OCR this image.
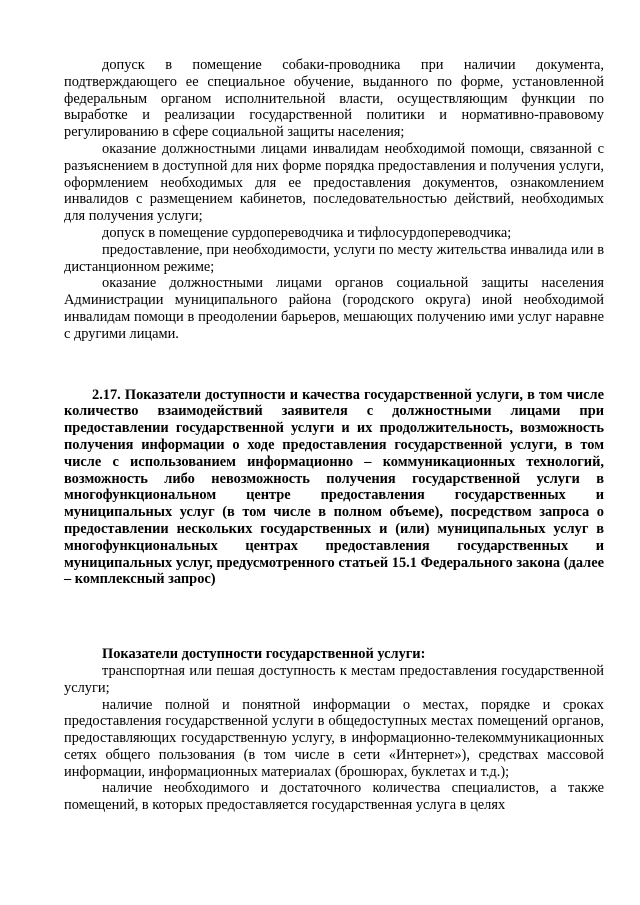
допуск в помещение собаки-проводника при наличии документа, подтверждающего ее специальное обучение, выданного по форме, установленной федеральным органом исполнительной власти, осуществляющим функции по выработке и реализации государственной политики и нормативно-правовому регулированию в сфере социальной защиты населения;

оказание должностными лицами инвалидам необходимой помощи, связанной с разъяснением в доступной для них форме порядка предоставления и получения услуги, оформлением необходимых для ее предоставления документов, ознакомлением инвалидов с размещением кабинетов, последовательностью действий, необходимых для получения услуги;

допуск в помещение сурдопереводчика и тифлосурдопереводчика;

предоставление, при необходимости, услуги по месту жительства инвалида или в дистанционном режиме;

оказание должностными лицами органов социальной защиты населения Администрации муниципального района (городского округа) иной необходимой инвалидам помощи в преодолении барьеров, мешающих получению ими услуг наравне с другими лицами.

2.17. Показатели доступности и качества государственной услуги, в том числе количество взаимодействий заявителя с должностными лицами при предоставлении государственной услуги и их продолжительность, возможность получения информации о ходе предоставления государственной услуги, в том числе с использованием информационно – коммуникационных технологий, возможность либо невозможность получения государственной услуги в многофункциональном центре предоставления государственных и муниципальных услуг (в том числе в полном объеме), посредством запроса о предоставлении нескольких государственных и (или) муниципальных услуг в многофункциональных центрах предоставления государственных и муниципальных услуг, предусмотренного статьей 15.1 Федерального закона (далее – комплексный запрос)

Показатели доступности государственной услуги:

транспортная или пешая доступность к местам предоставления государственной услуги;

наличие полной и понятной информации о местах, порядке и сроках предоставления государственной услуги в общедоступных местах помещений органов, предоставляющих государственную услугу, в информационно-телекоммуникационных сетях общего пользования (в том числе в сети «Интернет»), средствах массовой информации, информационных материалах (брошюрах, буклетах и т.д.);

наличие необходимого и достаточного количества специалистов, а также помещений, в которых предоставляется государственная услуга в целях
